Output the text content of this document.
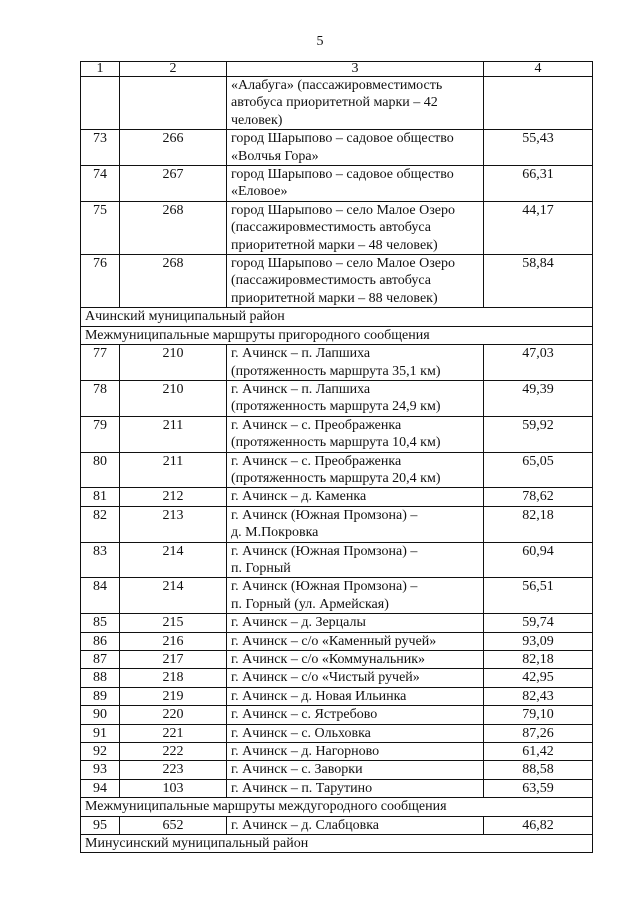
5
1	2	3	4

		«Алабуга» (пассажировместимость
автобуса приоритетной марки – 42
человек)	

73	266	город Шарыпово – садовое общество
«Волчья Гора»	55,43
74	267	город Шарыпово – садовое общество
«Еловое»	66,31
75	268	город Шарыпово – село Малое Озеро
(пассажировместимость автобуса
приоритетной марки – 48 человек)	44,17
76	268	город Шарыпово – село Малое Озеро
(пассажировместимость автобуса
приоритетной марки – 88 человек)	58,84
Ачинский муниципальный район			
Межмуниципальные маршруты пригородного сообщения			
77	210	г. Ачинск – п. Лапшиха
(протяженность маршрута 35,1 км)	47,03
78	210	г. Ачинск – п. Лапшиха
(протяженность маршрута 24,9 км)	49,39
79	211	г. Ачинск – с. Преображенка
(протяженность маршрута 10,4 км)	59,92
80	211	г. Ачинск – с. Преображенка
(протяженность маршрута 20,4 км)	65,05
81	212	г. Ачинск – д. Каменка	78,62
82	213	г. Ачинск (Южная Промзона) –
д. М.Покровка	82,18
83	214	г. Ачинск (Южная Промзона) –
п. Горный	60,94
84	214	г. Ачинск (Южная Промзона) –
п. Горный (ул. Армейская)	56,51
85	215	г. Ачинск – д. Зерцалы	59,74
86	216	г. Ачинск – с/о «Каменный ручей»	93,09
87	217	г. Ачинск – с/о «Коммунальник»	82,18
88	218	г. Ачинск – с/о «Чистый ручей»	42,95
89	219	г. Ачинск – д. Новая Ильинка	82,43
90	220	г. Ачинск – с. Ястребово	79,10
91	221	г. Ачинск – с. Ольховка	87,26
92	222	г. Ачинск – д. Нагорново	61,42
93	223	г. Ачинск – с. Заворки	88,58
94	103	г. Ачинск – п. Тарутино	63,59
Межмуниципальные маршруты междугородного сообщения			
95	652	г. Ачинск – д. Слабцовка	46,82
Минусинский муниципальный район			
